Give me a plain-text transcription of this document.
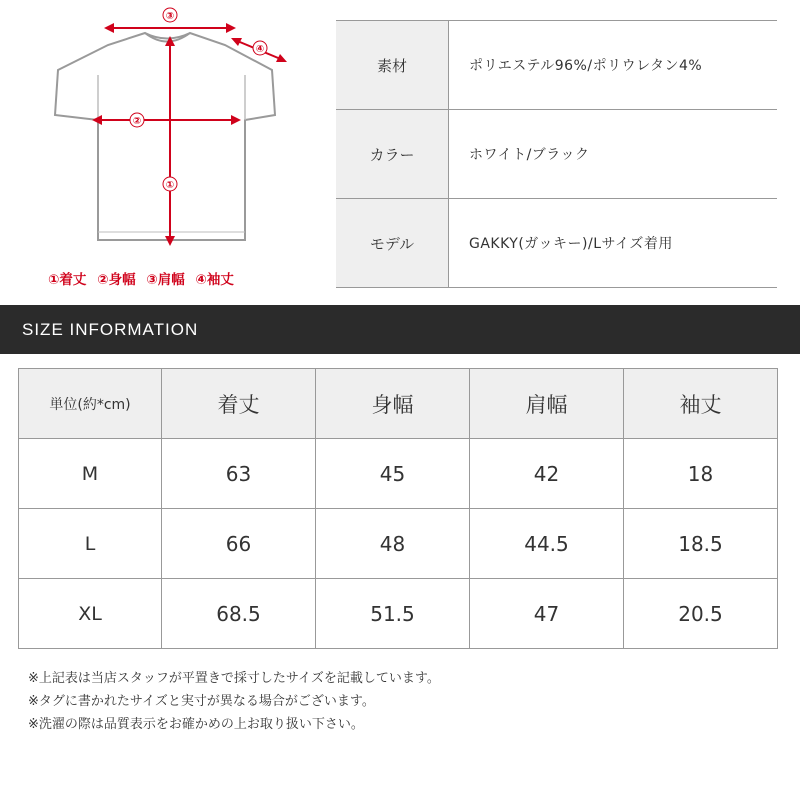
③
④
②
①
①着丈 ②身幅 ③肩幅 ④袖丈
素材	ポリエステル96%/ポリウレタン4%
カラー	ホワイト/ブラック
モデル	GAKKY(ガッキー)/Lサイズ着用
SIZE INFORMATION
単位(約*cm)	着丈	身幅	肩幅	袖丈
M	63	45	42	18
L	66	48	44.5	18.5
XL	68.5	51.5	47	20.5
※上記表は当店スタッフが平置きで採寸したサイズを記載しています。
※タグに書かれたサイズと実寸が異なる場合がございます。
※洗濯の際は品質表示をお確かめの上お取り扱い下さい。
